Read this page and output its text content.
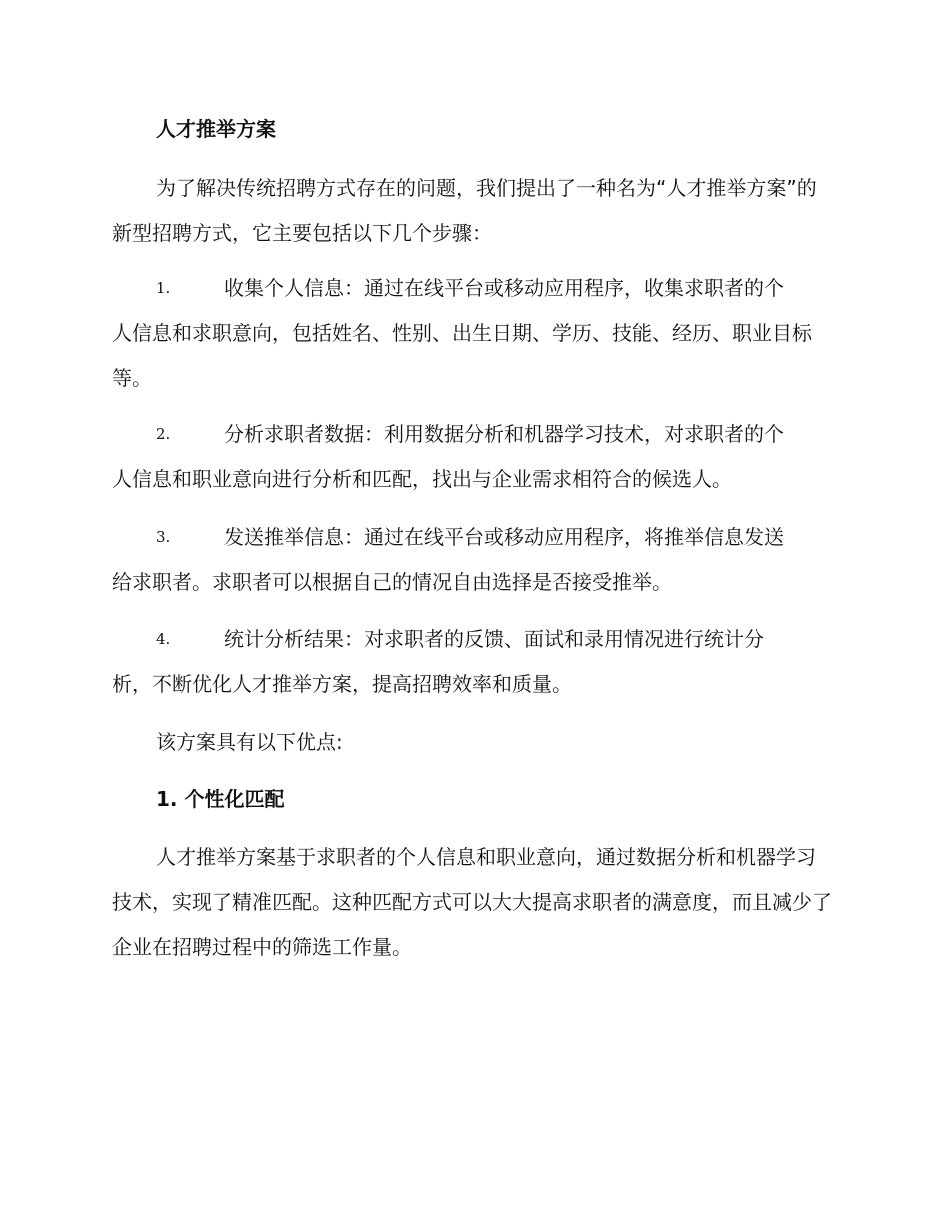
人才推举方案

为了解决传统招聘方式存在的问题，我们提出了一种名为“人才推举方案”的新型招聘方式，它主要包括以下几个步骤：

1.	收集个人信息：通过在线平台或移动应用程序，收集求职者的个
人信息和求职意向，包括姓名、性别、出生日期、学历、技能、经历、职业目标等。
2.	分析求职者数据：利用数据分析和机器学习技术，对求职者的个
人信息和职业意向进行分析和匹配，找出与企业需求相符合的候选人。
3.	发送推举信息：通过在线平台或移动应用程序，将推举信息发送
给求职者。求职者可以根据自己的情况自由选择是否接受推举。
4.	统计分析结果：对求职者的反馈、面试和录用情况进行统计分
析，不断优化人才推举方案，提高招聘效率和质量。

该方案具有以下优点:

1. 个性化匹配

人才推举方案基于求职者的个人信息和职业意向，通过数据分析和机器学习技术，实现了精准匹配。这种匹配方式可以大大提高求职者的满意度，而且减少了企业在招聘过程中的筛选工作量。
